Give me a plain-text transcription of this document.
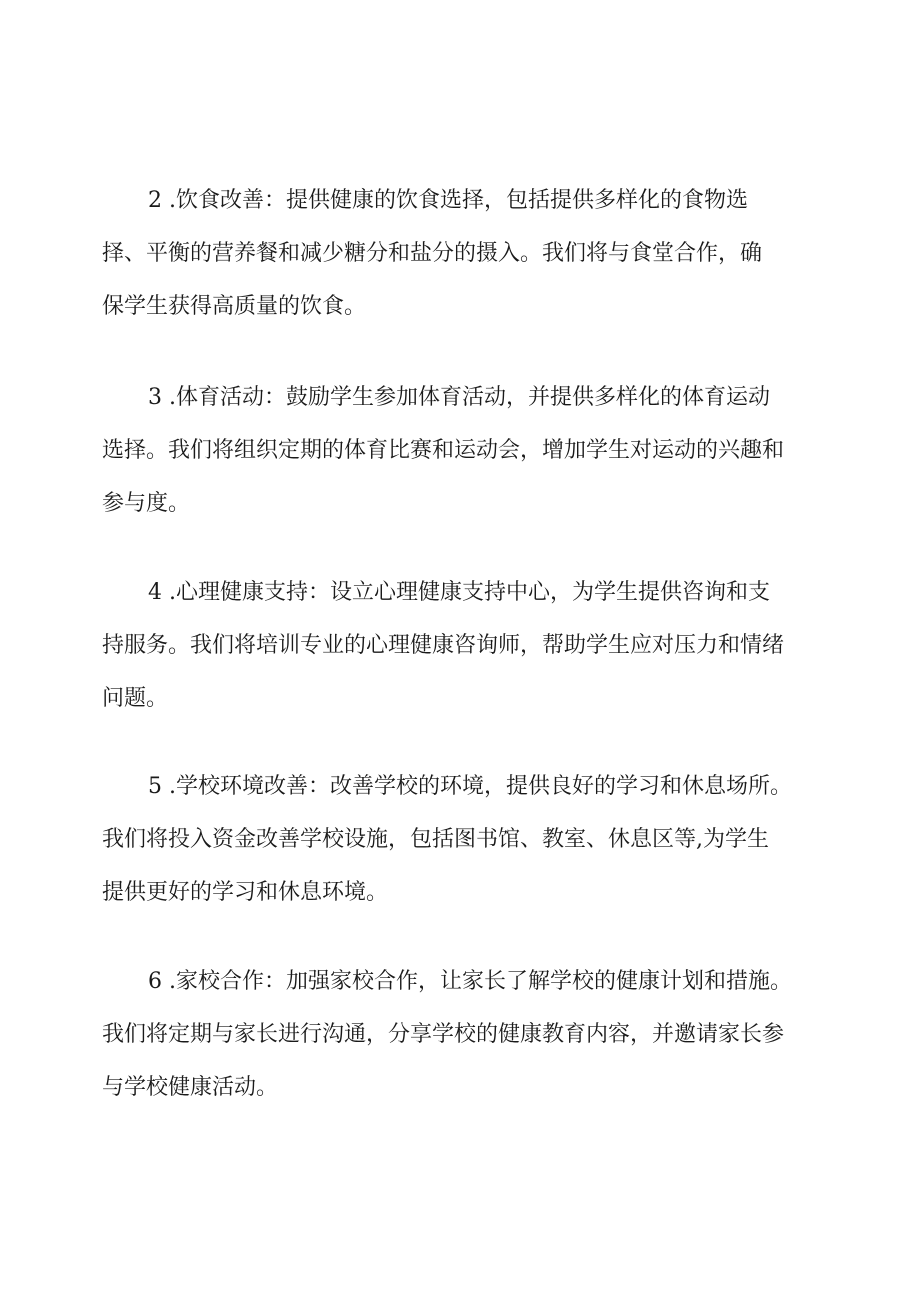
2 .饮食改善：提供健康的饮食选择，包括提供多样化的食物选
择、平衡的营养餐和减少糖分和盐分的摄入。我们将与食堂合作，确
保学生获得高质量的饮食。

3 .体育活动：鼓励学生参加体育活动，并提供多样化的体育运动
选择。我们将组织定期的体育比赛和运动会，增加学生对运动的兴趣和
参与度。

4 .心理健康支持：设立心理健康支持中心，为学生提供咨询和支
持服务。我们将培训专业的心理健康咨询师，帮助学生应对压力和情绪
问题。

5 .学校环境改善：改善学校的环境，提供良好的学习和休息场所。
我们将投入资金改善学校设施，包括图书馆、教室、休息区等,为学生
提供更好的学习和休息环境。

6 .家校合作：加强家校合作，让家长了解学校的健康计划和措施。
我们将定期与家长进行沟通，分享学校的健康教育内容，并邀请家长参
与学校健康活动。
